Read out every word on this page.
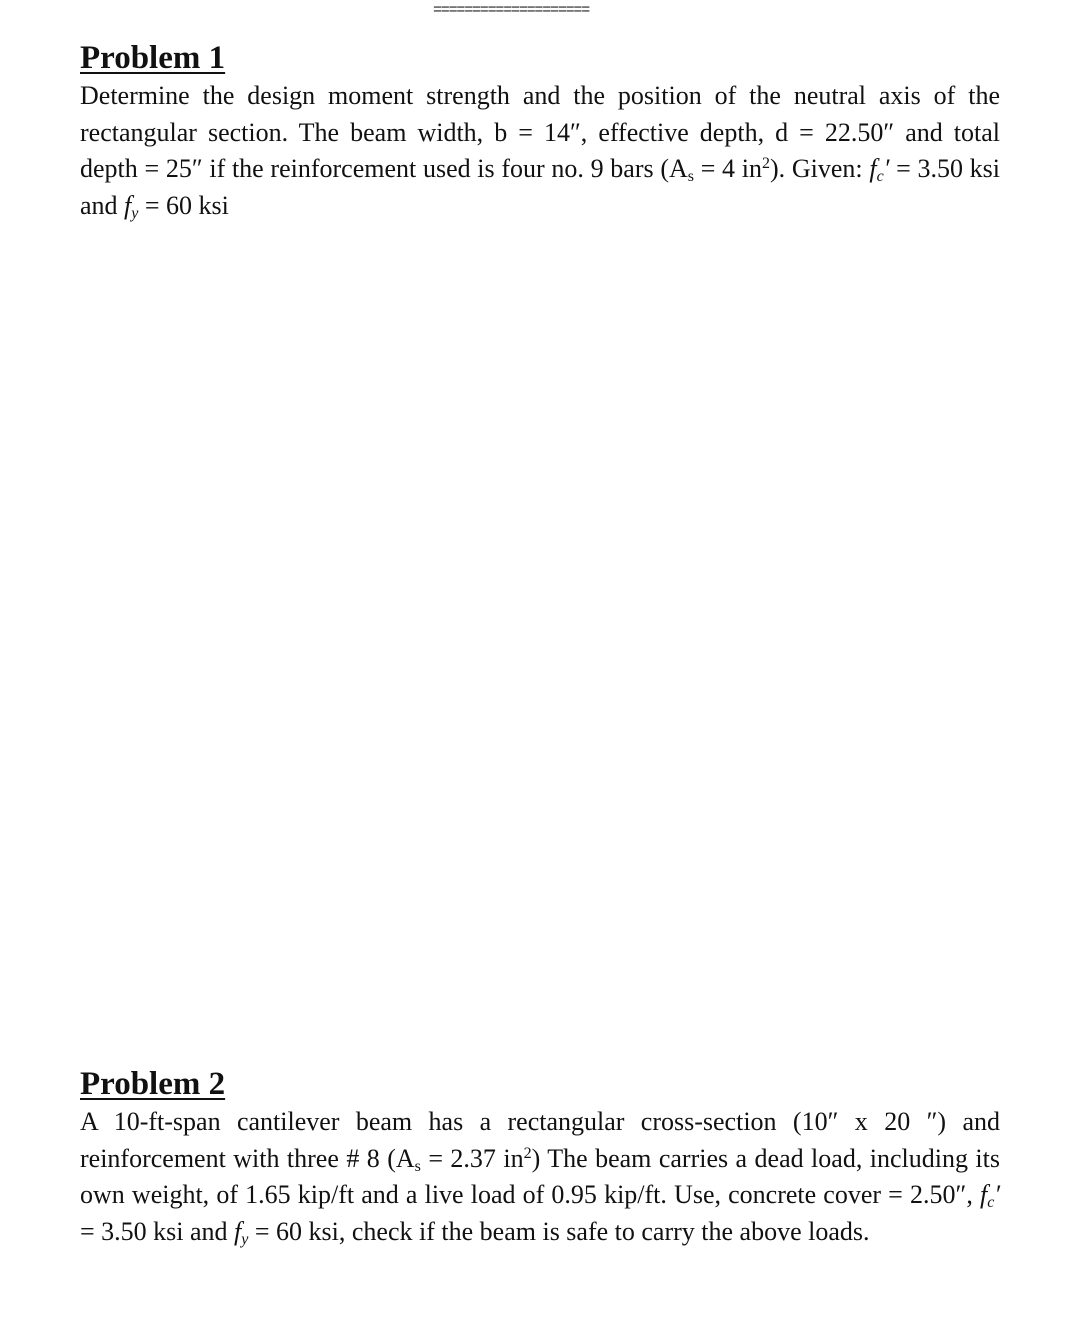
====================
Problem 1

Determine the design moment strength and the position of the neutral axis of the rectangular section. The beam width, b = 14″, effective depth, d = 22.50″ and total depth = 25″ if the reinforcement used is four no. 9 bars ($A_s = 4$ $in^2$). Given: $f_c' = 3.50$ ksi and $f_y = 60$ ksi

Problem 2

A 10-ft-span cantilever beam has a rectangular cross-section (10″ x 20 ″) and reinforcement with three # 8 ($A_s = 2.37$ $in^2$) The beam carries a dead load, including its own weight, of 1.65 kip/ft and a live load of 0.95 kip/ft. Use, concrete cover = 2.50″, $f_c' = 3.50$ ksi and $f_y = 60$ ksi, check if the beam is safe to carry the above loads.
